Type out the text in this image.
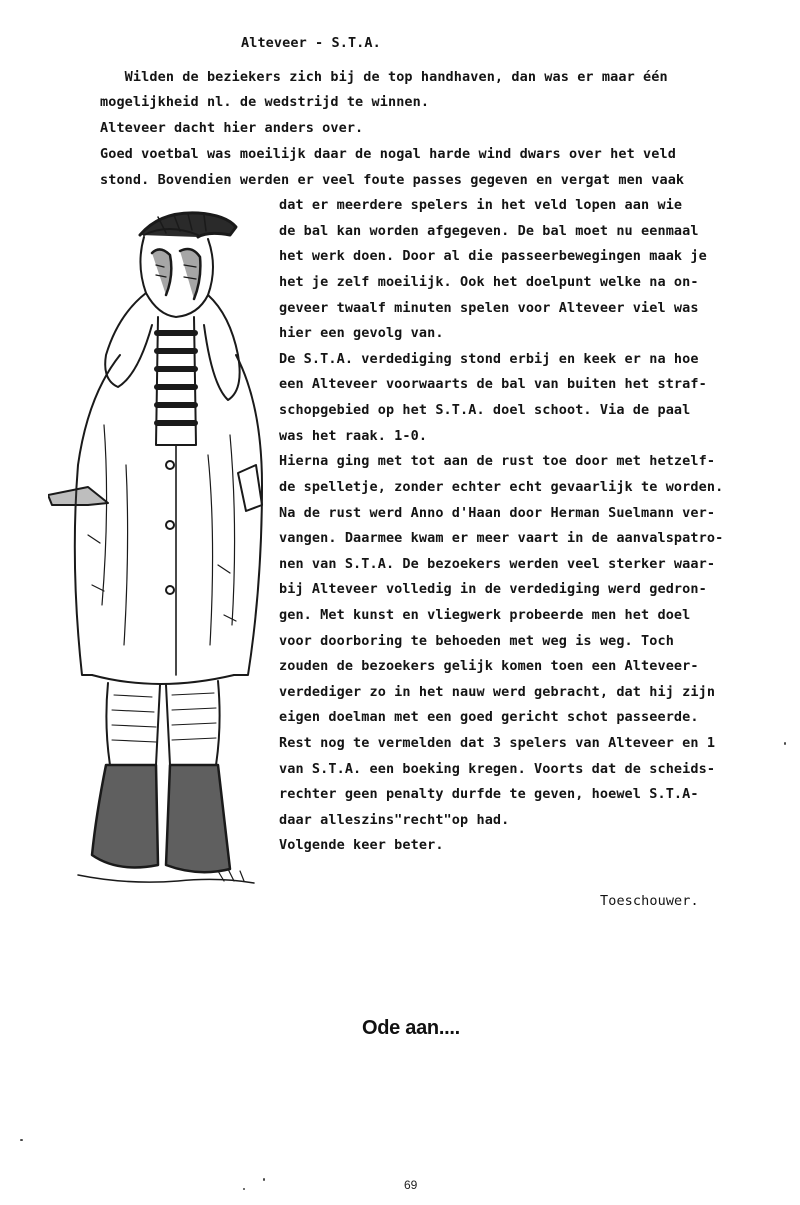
Alteveer - S.T.A.
Wilden de beziekers zich bij de top handhaven, dan was er maar één
mogelijkheid nl. de wedstrijd te winnen.
Alteveer dacht hier anders over.
Goed voetbal was moeilijk daar de nogal harde wind dwars over het veld
stond. Bovendien werden er veel foute passes gegeven en vergat men vaak
dat er meerdere spelers in het veld lopen aan wie
de bal kan worden afgegeven. De bal moet nu eenmaal
het werk doen. Door al die passeerbewegingen maak je
het je zelf moeilijk. Ook het doelpunt welke na on-
geveer twaalf minuten spelen voor Alteveer viel was
hier een gevolg van.
De S.T.A. verdediging stond erbij en keek er na hoe
een Alteveer voorwaarts de bal van buiten het straf-
schopgebied op het S.T.A. doel schoot. Via de paal
was het raak. 1-0.
Hierna ging met tot aan de rust toe door met hetzelf-
de spelletje, zonder echter echt gevaarlijk te worden.
Na de rust werd Anno d'Haan door Herman Suelmann ver-
vangen. Daarmee kwam er meer vaart in de aanvalspatro-
nen van S.T.A. De bezoekers werden veel sterker waar-
bij Alteveer volledig in de verdediging werd gedron-
gen. Met kunst en vliegwerk probeerde men het doel
voor doorboring te behoeden met weg is weg. Toch
zouden de bezoekers gelijk komen toen een Alteveer-
verdediger zo in het nauw werd gebracht, dat hij zijn
eigen doelman met een goed gericht schot passeerde.
Rest nog te vermelden dat 3 spelers van Alteveer en 1
van S.T.A. een boeking kregen. Voorts dat de scheids-
rechter geen penalty durfde te geven, hoewel S.T.A-
daar alleszins"recht"op had.
Volgende keer beter.
Toeschouwer.
Ode aan....
69
